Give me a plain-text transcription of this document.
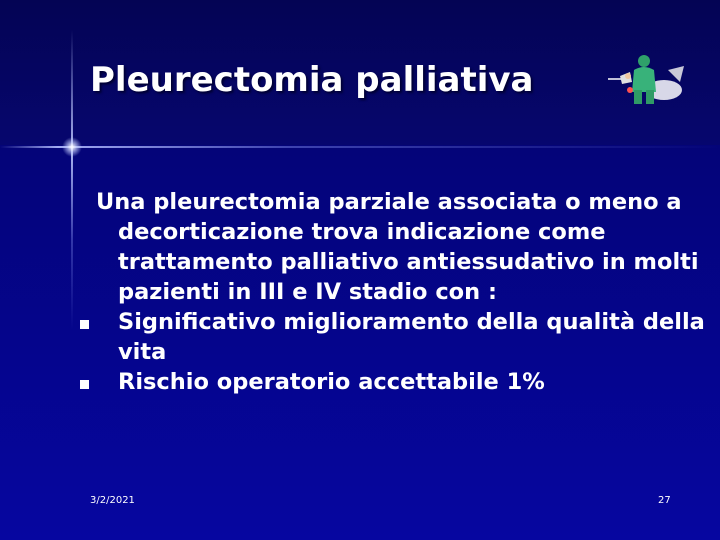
Pleurectomia palliativa

Una pleurectomia parziale associata o meno a decorticazione trova indicazione come trattamento palliativo antiessudativo in molti pazienti in III e IV stadio con :

Significativo miglioramento della qualità della vita

Rischio operatorio accettabile 1%

3/2/2021	27
